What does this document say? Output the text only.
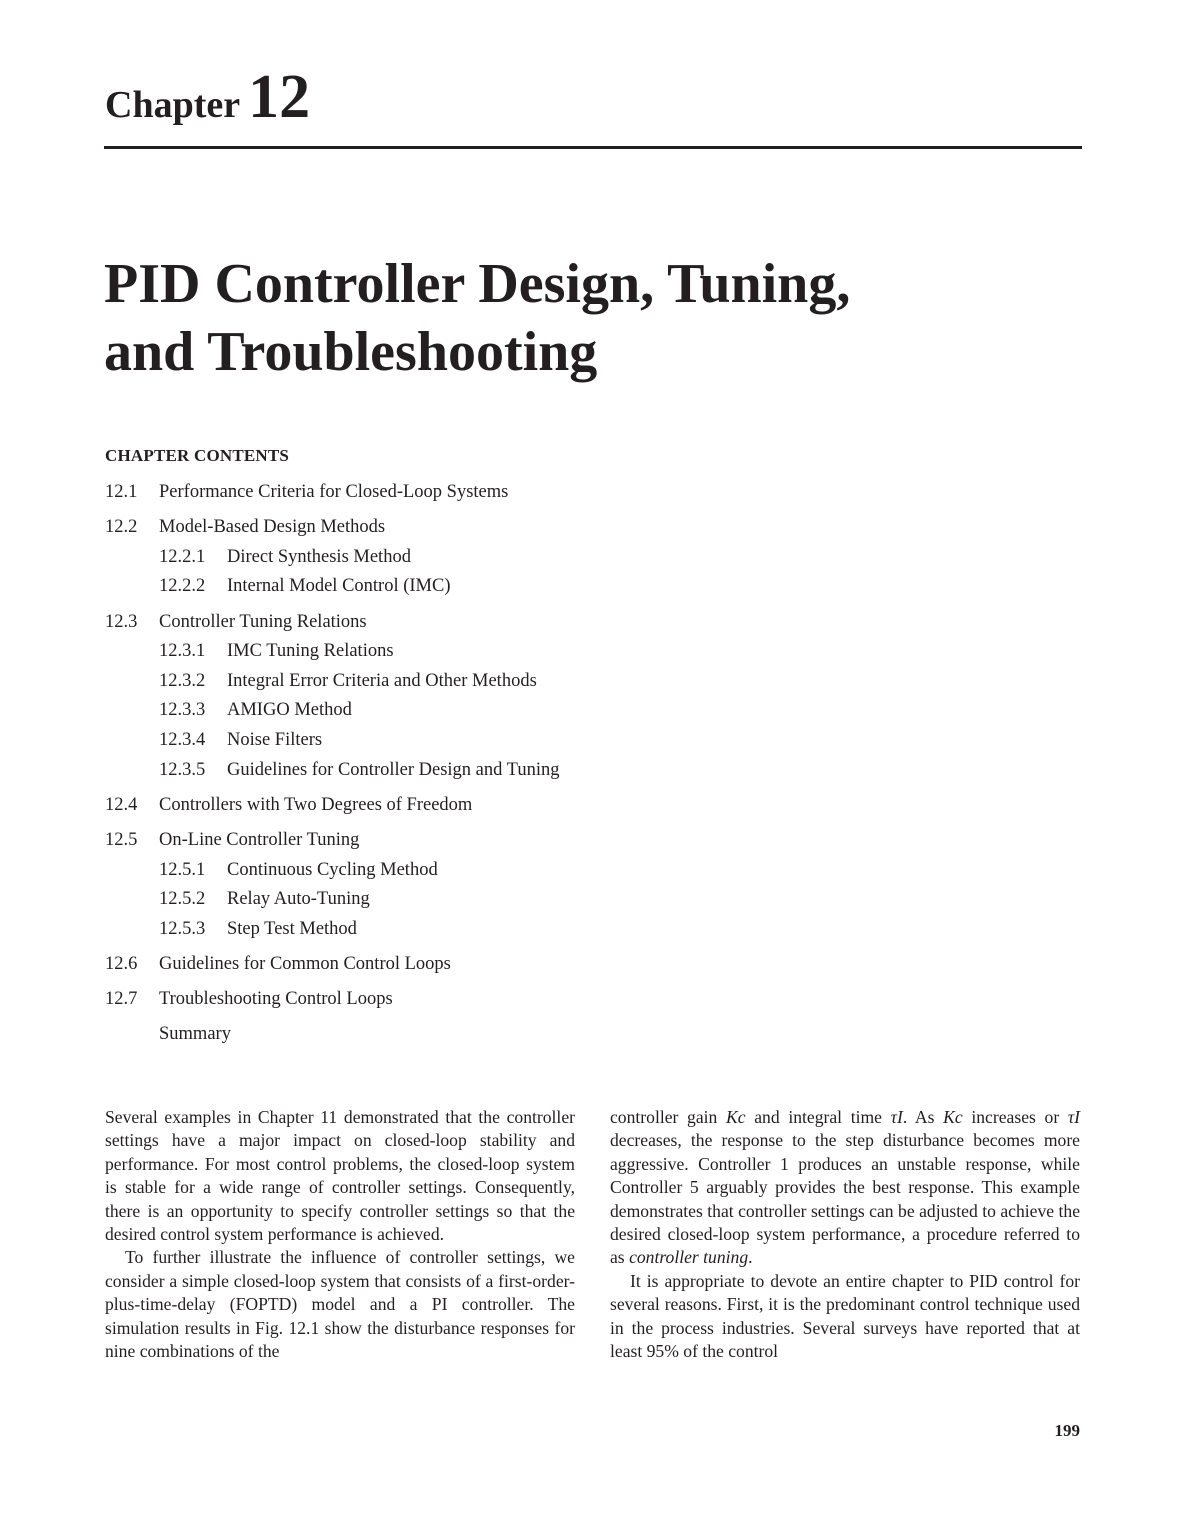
Chapter 12
PID Controller Design, Tuning,
and Troubleshooting
CHAPTER CONTENTS
12.1 Performance Criteria for Closed-Loop Systems
12.2 Model-Based Design Methods
12.2.1 Direct Synthesis Method
12.2.2 Internal Model Control (IMC)
12.3 Controller Tuning Relations
12.3.1 IMC Tuning Relations
12.3.2 Integral Error Criteria and Other Methods
12.3.3 AMIGO Method
12.3.4 Noise Filters
12.3.5 Guidelines for Controller Design and Tuning
12.4 Controllers with Two Degrees of Freedom
12.5 On-Line Controller Tuning
12.5.1 Continuous Cycling Method
12.5.2 Relay Auto-Tuning
12.5.3 Step Test Method
12.6 Guidelines for Common Control Loops
12.7 Troubleshooting Control Loops
Summary

Several examples in Chapter 11 demonstrated that the controller settings have a major impact on closed-loop stability and performance. For most control problems, the closed-loop system is stable for a wide range of controller settings. Consequently, there is an opportunity to specify controller settings so that the desired control system performance is achieved.

To further illustrate the influence of controller settings, we consider a simple closed-loop system that consists of a first-order-plus-time-delay (FOPTD) model and a PI controller. The simulation results in Fig. 12.1 show the disturbance responses for nine combinations of the

controller gain Kc and integral time τI. As Kc increases or τI decreases, the response to the step disturbance becomes more aggressive. Controller 1 produces an unstable response, while Controller 5 arguably provides the best response. This example demonstrates that controller settings can be adjusted to achieve the desired closed-loop system performance, a procedure referred to as controller tuning.

It is appropriate to devote an entire chapter to PID control for several reasons. First, it is the predominant control technique used in the process industries. Several surveys have reported that at least 95% of the control

199
